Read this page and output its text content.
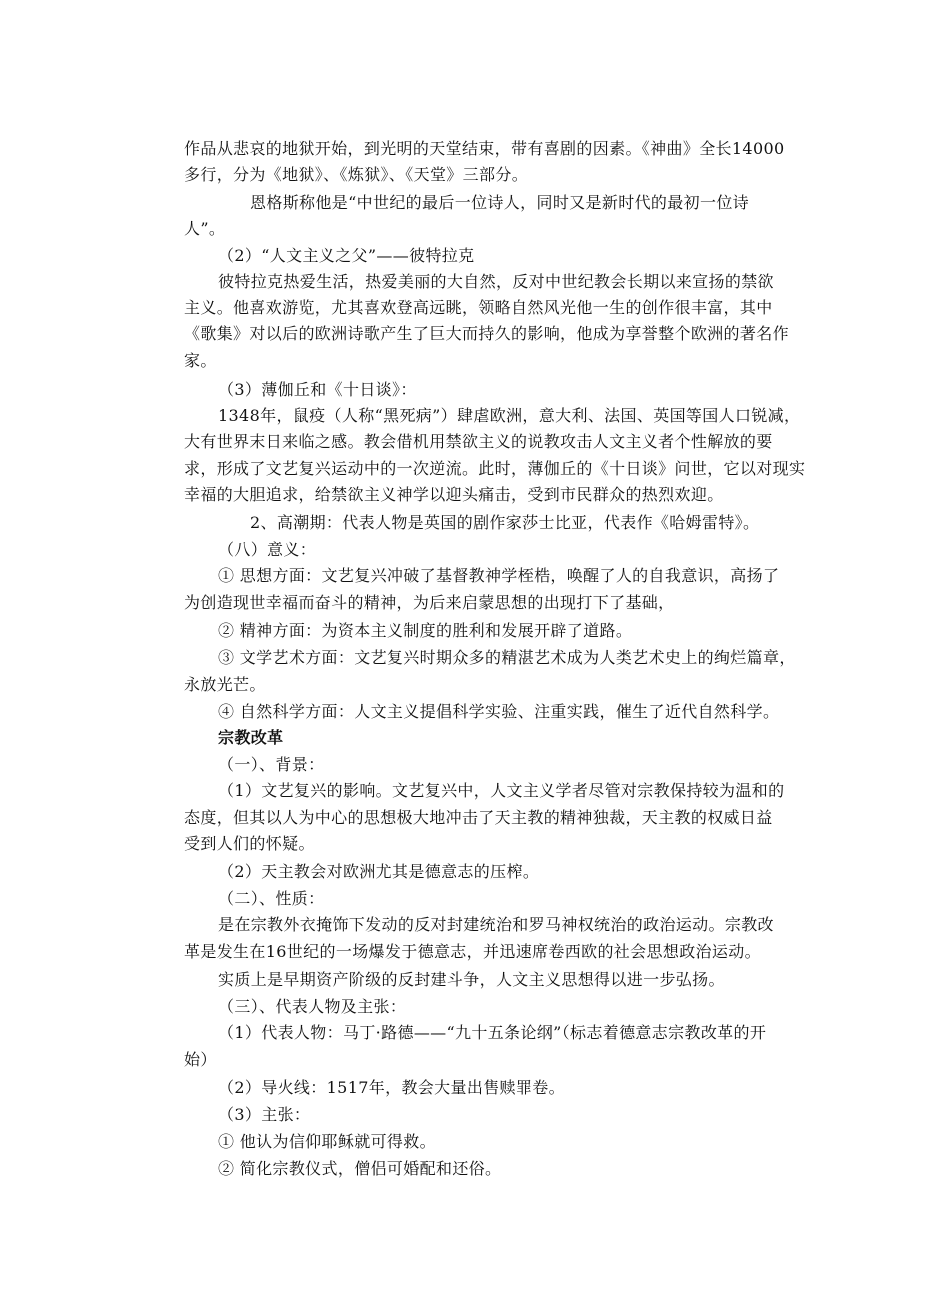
作品从悲哀的地狱开始，到光明的天堂结束，带有喜剧的因素。《神曲》全长14000
多行，分为《地狱》、《炼狱》、《天堂》三部分。
恩格斯称他是“中世纪的最后一位诗人，同时又是新时代的最初一位诗
人”。
（2）“人文主义之父”——彼特拉克
彼特拉克热爱生活，热爱美丽的大自然，反对中世纪教会长期以来宣扬的禁欲
主义。他喜欢游览，尤其喜欢登高远眺，领略自然风光他一生的创作很丰富，其中
《歌集》对以后的欧洲诗歌产生了巨大而持久的影响，他成为享誉整个欧洲的著名作
家。
（3）薄伽丘和《十日谈》：
1348年，鼠疫（人称“黑死病”）肆虐欧洲，意大利、法国、英国等国人口锐减，
大有世界末日来临之感。教会借机用禁欲主义的说教攻击人文主义者个性解放的要
求，形成了文艺复兴运动中的一次逆流。此时，薄伽丘的《十日谈》问世，它以对现实
幸福的大胆追求，给禁欲主义神学以迎头痛击，受到市民群众的热烈欢迎。
2、高潮期：代表人物是英国的剧作家莎士比亚，代表作《哈姆雷特》。
（八）意义：
① 思想方面：文艺复兴冲破了基督教神学桎梏，唤醒了人的自我意识，高扬了
为创造现世幸福而奋斗的精神，为后来启蒙思想的出现打下了基础，
② 精神方面：为资本主义制度的胜利和发展开辟了道路。
③ 文学艺术方面：文艺复兴时期众多的精湛艺术成为人类艺术史上的绚烂篇章，
永放光芒。
④ 自然科学方面：人文主义提倡科学实验、注重实践，催生了近代自然科学。
宗教改革
（一）、背景：
（1）文艺复兴的影响。文艺复兴中，人文主义学者尽管对宗教保持较为温和的
态度，但其以人为中心的思想极大地冲击了天主教的精神独裁，天主教的权威日益
受到人们的怀疑。
（2）天主教会对欧洲尤其是德意志的压榨。
（二）、性质：
是在宗教外衣掩饰下发动的反对封建统治和罗马神权统治的政治运动。宗教改
革是发生在16世纪的一场爆发于德意志，并迅速席卷西欧的社会思想政治运动。
实质上是早期资产阶级的反封建斗争，人文主义思想得以进一步弘扬。
（三）、代表人物及主张：
（1）代表人物：马丁·路德——“九十五条论纲”（标志着德意志宗教改革的开
始）
（2）导火线：1517年，教会大量出售赎罪卷。
（3）主张：
① 他认为信仰耶稣就可得救。
② 简化宗教仪式，僧侣可婚配和还俗。
